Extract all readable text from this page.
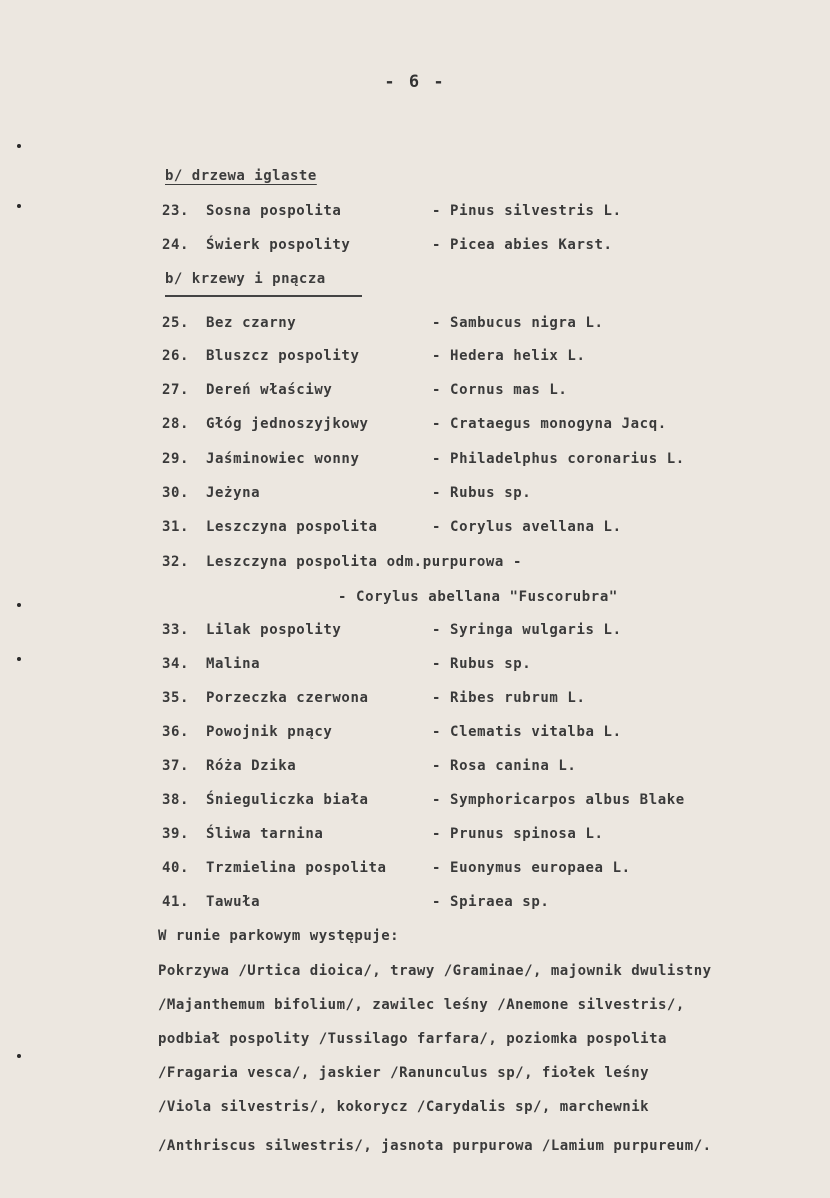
- 6 -
b/ drzewa iglaste
23. Sosna pospolita	- Pinus silvestris L.
24. Świerk pospolity	- Picea abies Karst.
b/ krzewy i pnącza
25. Bez czarny	- Sambucus nigra L.
26. Bluszcz pospolity	- Hedera helix L.
27. Dereń właściwy	- Cornus mas L.
28. Głóg jednoszyjkowy	- Crataegus monogyna Jacq.
29. Jaśminowiec wonny	- Philadelphus coronarius L.
30. Jeżyna	- Rubus sp.
31. Leszczyna pospolita	- Corylus avellana L.
32. Leszczyna pospolita odm.purpurowa -
- Corylus abellana "Fuscorubra"
33. Lilak pospolity	- Syringa wulgaris L.
34. Malina	- Rubus sp.
35. Porzeczka czerwona	- Ribes rubrum L.
36. Powojnik pnący	- Clematis vitalba L.
37. Róża Dzika	- Rosa canina L.
38. Śnieguliczka biała	- Symphoricarpos albus Blake
39. Śliwa tarnina	- Prunus spinosa L.
40. Trzmielina pospolita	- Euonymus europaea L.
41. Tawuła	- Spiraea sp.
W runie parkowym występuje:
Pokrzywa /Urtica dioica/, trawy /Graminae/, majownik dwulistny
/Majanthemum bifolium/, zawilec leśny /Anemone silvestris/,
podbiał pospolity /Tussilago farfara/, poziomka pospolita
/Fragaria vesca/, jaskier /Ranunculus sp/, fiołek leśny
/Viola silvestris/, kokorycz /Carydalis sp/, marchewnik
/Anthriscus silwestris/, jasnota purpurowa /Lamium purpureum/.
